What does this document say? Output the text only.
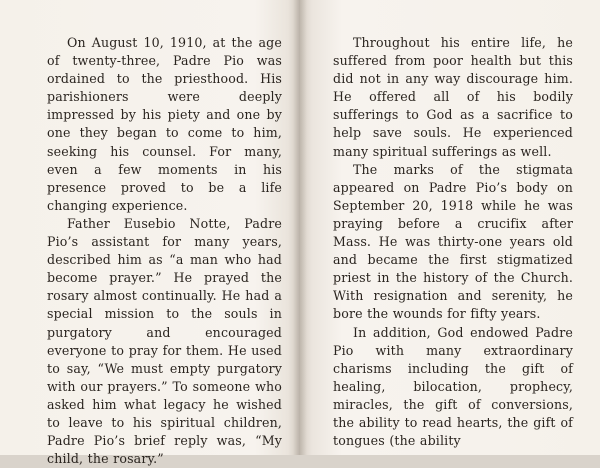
On August 10, 1910, at the age of twenty-three, Padre Pio was ordained to the priesthood. His parishioners were deeply impressed by his piety and one by one they began to come to him, seeking his counsel. For many, even a few moments in his presence proved to be a life changing experience.

Father Eusebio Notte, Padre Pio’s assistant for many years, described him as “a man who had become prayer.” He prayed the rosary almost continually. He had a special mission to the souls in purgatory and encouraged everyone to pray for them. He used to say, “We must empty purgatory with our prayers.” To someone who asked him what legacy he wished to leave to his spiritual children, Padre Pio’s brief reply was, “My child, the rosary.”

Throughout his entire life, he suffered from poor health but this did not in any way discourage him. He offered all of his bodily sufferings to God as a sacrifice to help save souls. He experienced many spiritual sufferings as well.

The marks of the stigmata appeared on Padre Pio’s body on September 20, 1918 while he was praying before a crucifix after Mass. He was thirty-one years old and became the first stigmatized priest in the history of the Church. With resignation and serenity, he bore the wounds for fifty years.

In addition, God endowed Padre Pio with many extraordinary charisms including the gift of healing, bilocation, prophecy, miracles, the gift of conversions, the ability to read hearts, the gift of tongues (the ability
